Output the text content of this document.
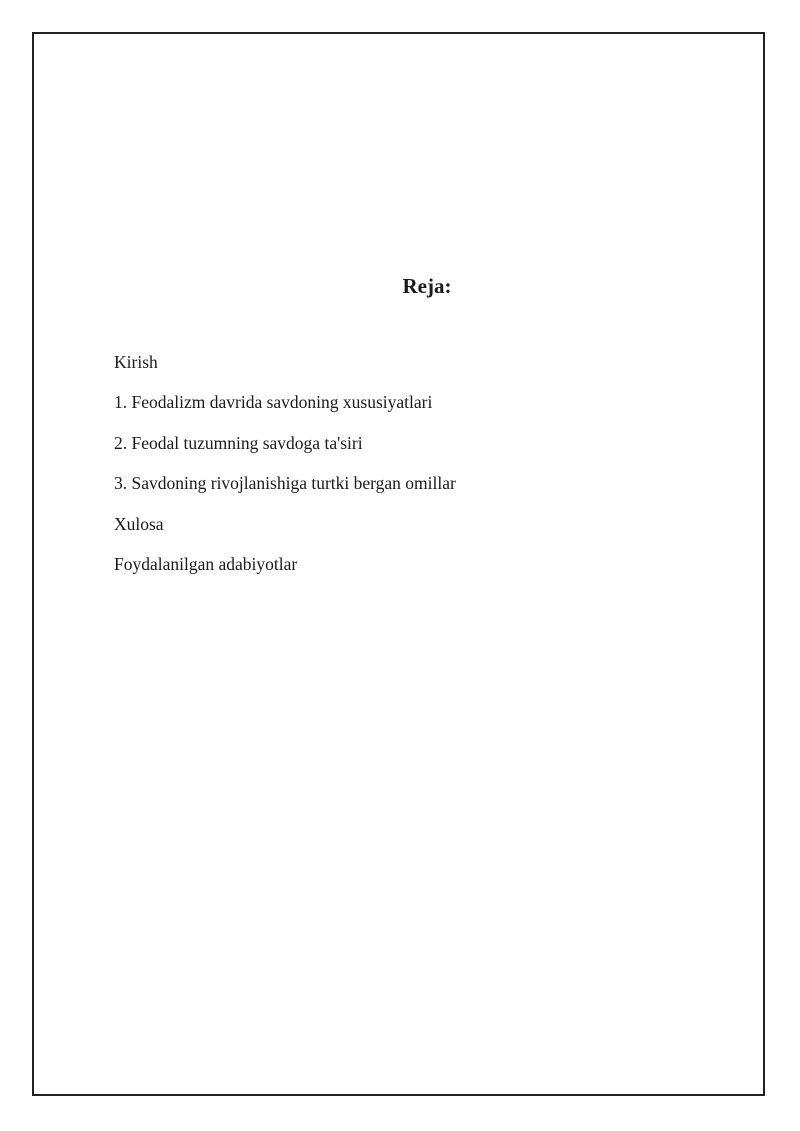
Reja:
Kirish
1. Feodalizm davrida savdoning xususiyatlari
2. Feodal tuzumning savdoga ta'siri
3. Savdoning rivojlanishiga turtki bergan omillar
Xulosa
Foydalanilgan adabiyotlar
